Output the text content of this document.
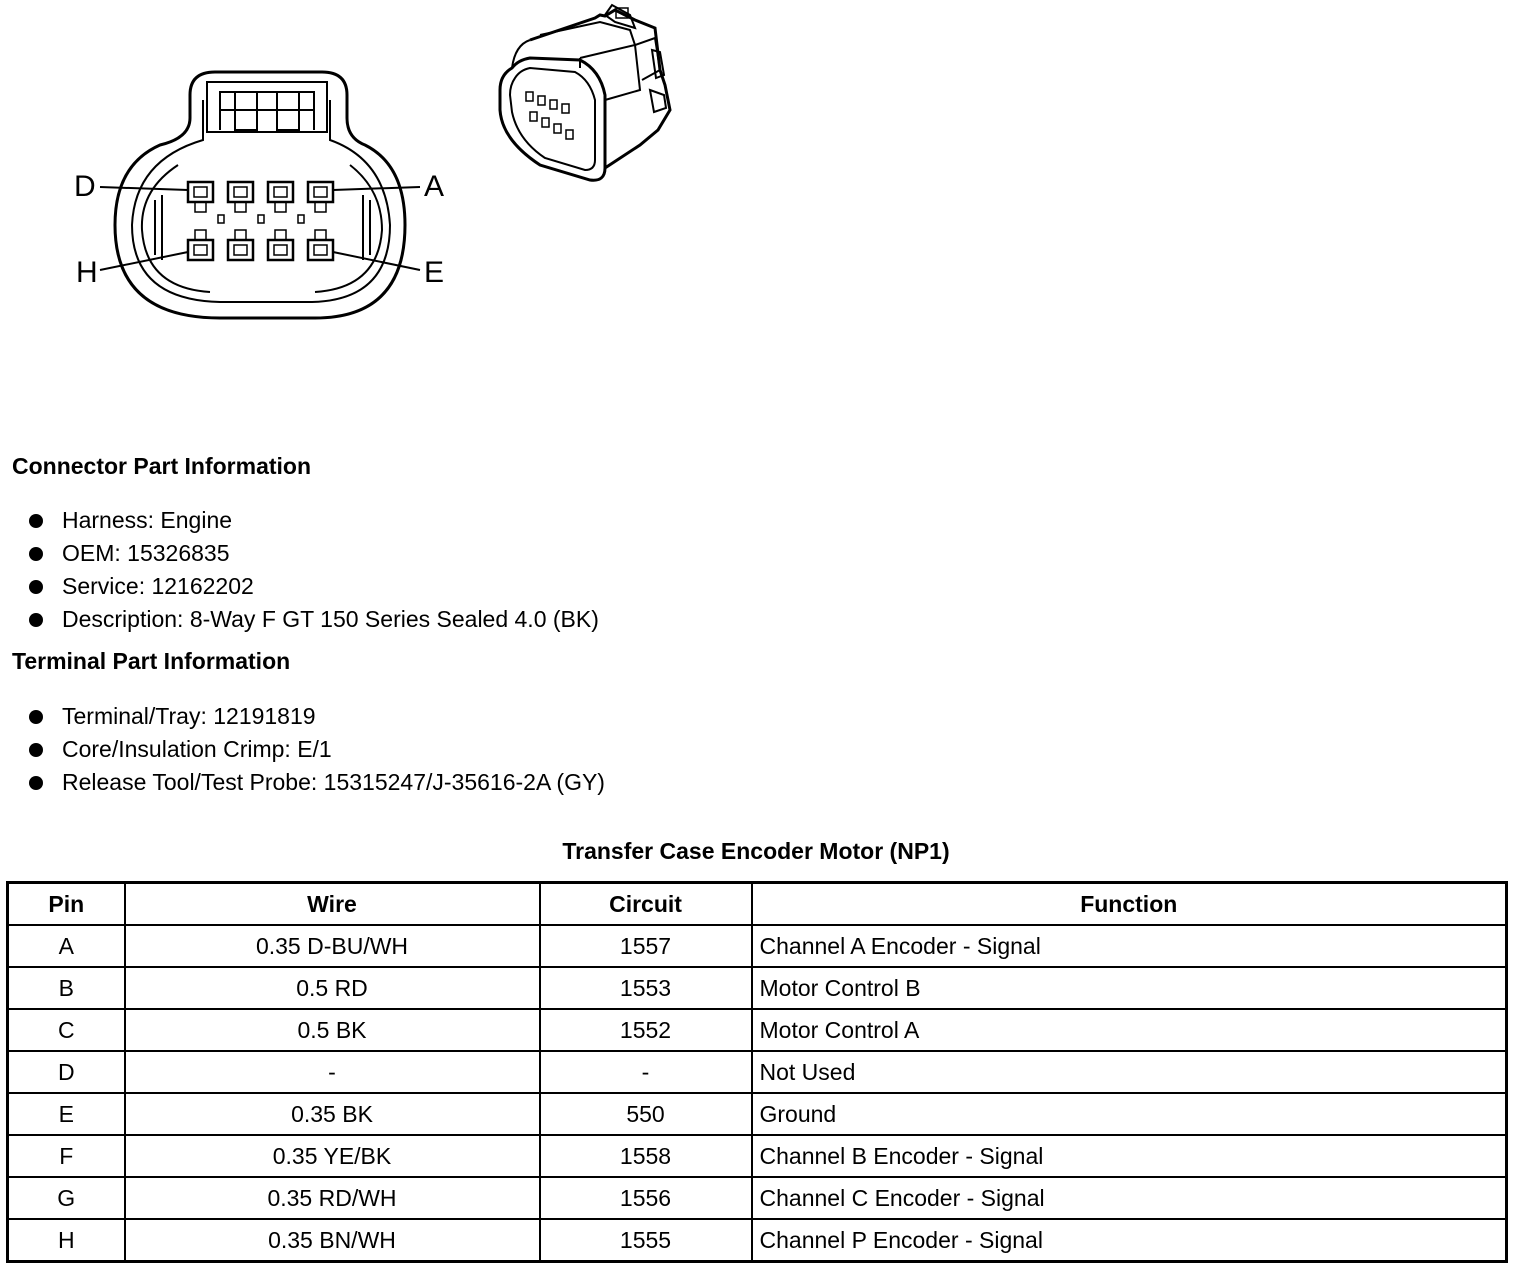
D	A
H	E
Connector Part Information
Harness: Engine
OEM: 15326835
Service: 12162202
Description: 8-Way F GT 150 Series Sealed 4.0 (BK)
Terminal Part Information
Terminal/Tray: 12191819
Core/Insulation Crimp: E/1
Release Tool/Test Probe: 15315247/J-35616-2A (GY)
Transfer Case Encoder Motor (NP1)
Pin	Wire	Circuit	Function
A	0.35 D-BU/WH	1557	Channel A Encoder - Signal
B	0.5 RD	1553	Motor Control B
C	0.5 BK	1552	Motor Control A
D	-	-	Not Used
E	0.35 BK	550	Ground
F	0.35 YE/BK	1558	Channel B Encoder - Signal
G	0.35 RD/WH	1556	Channel C Encoder - Signal
H	0.35 BN/WH	1555	Channel P Encoder - Signal
